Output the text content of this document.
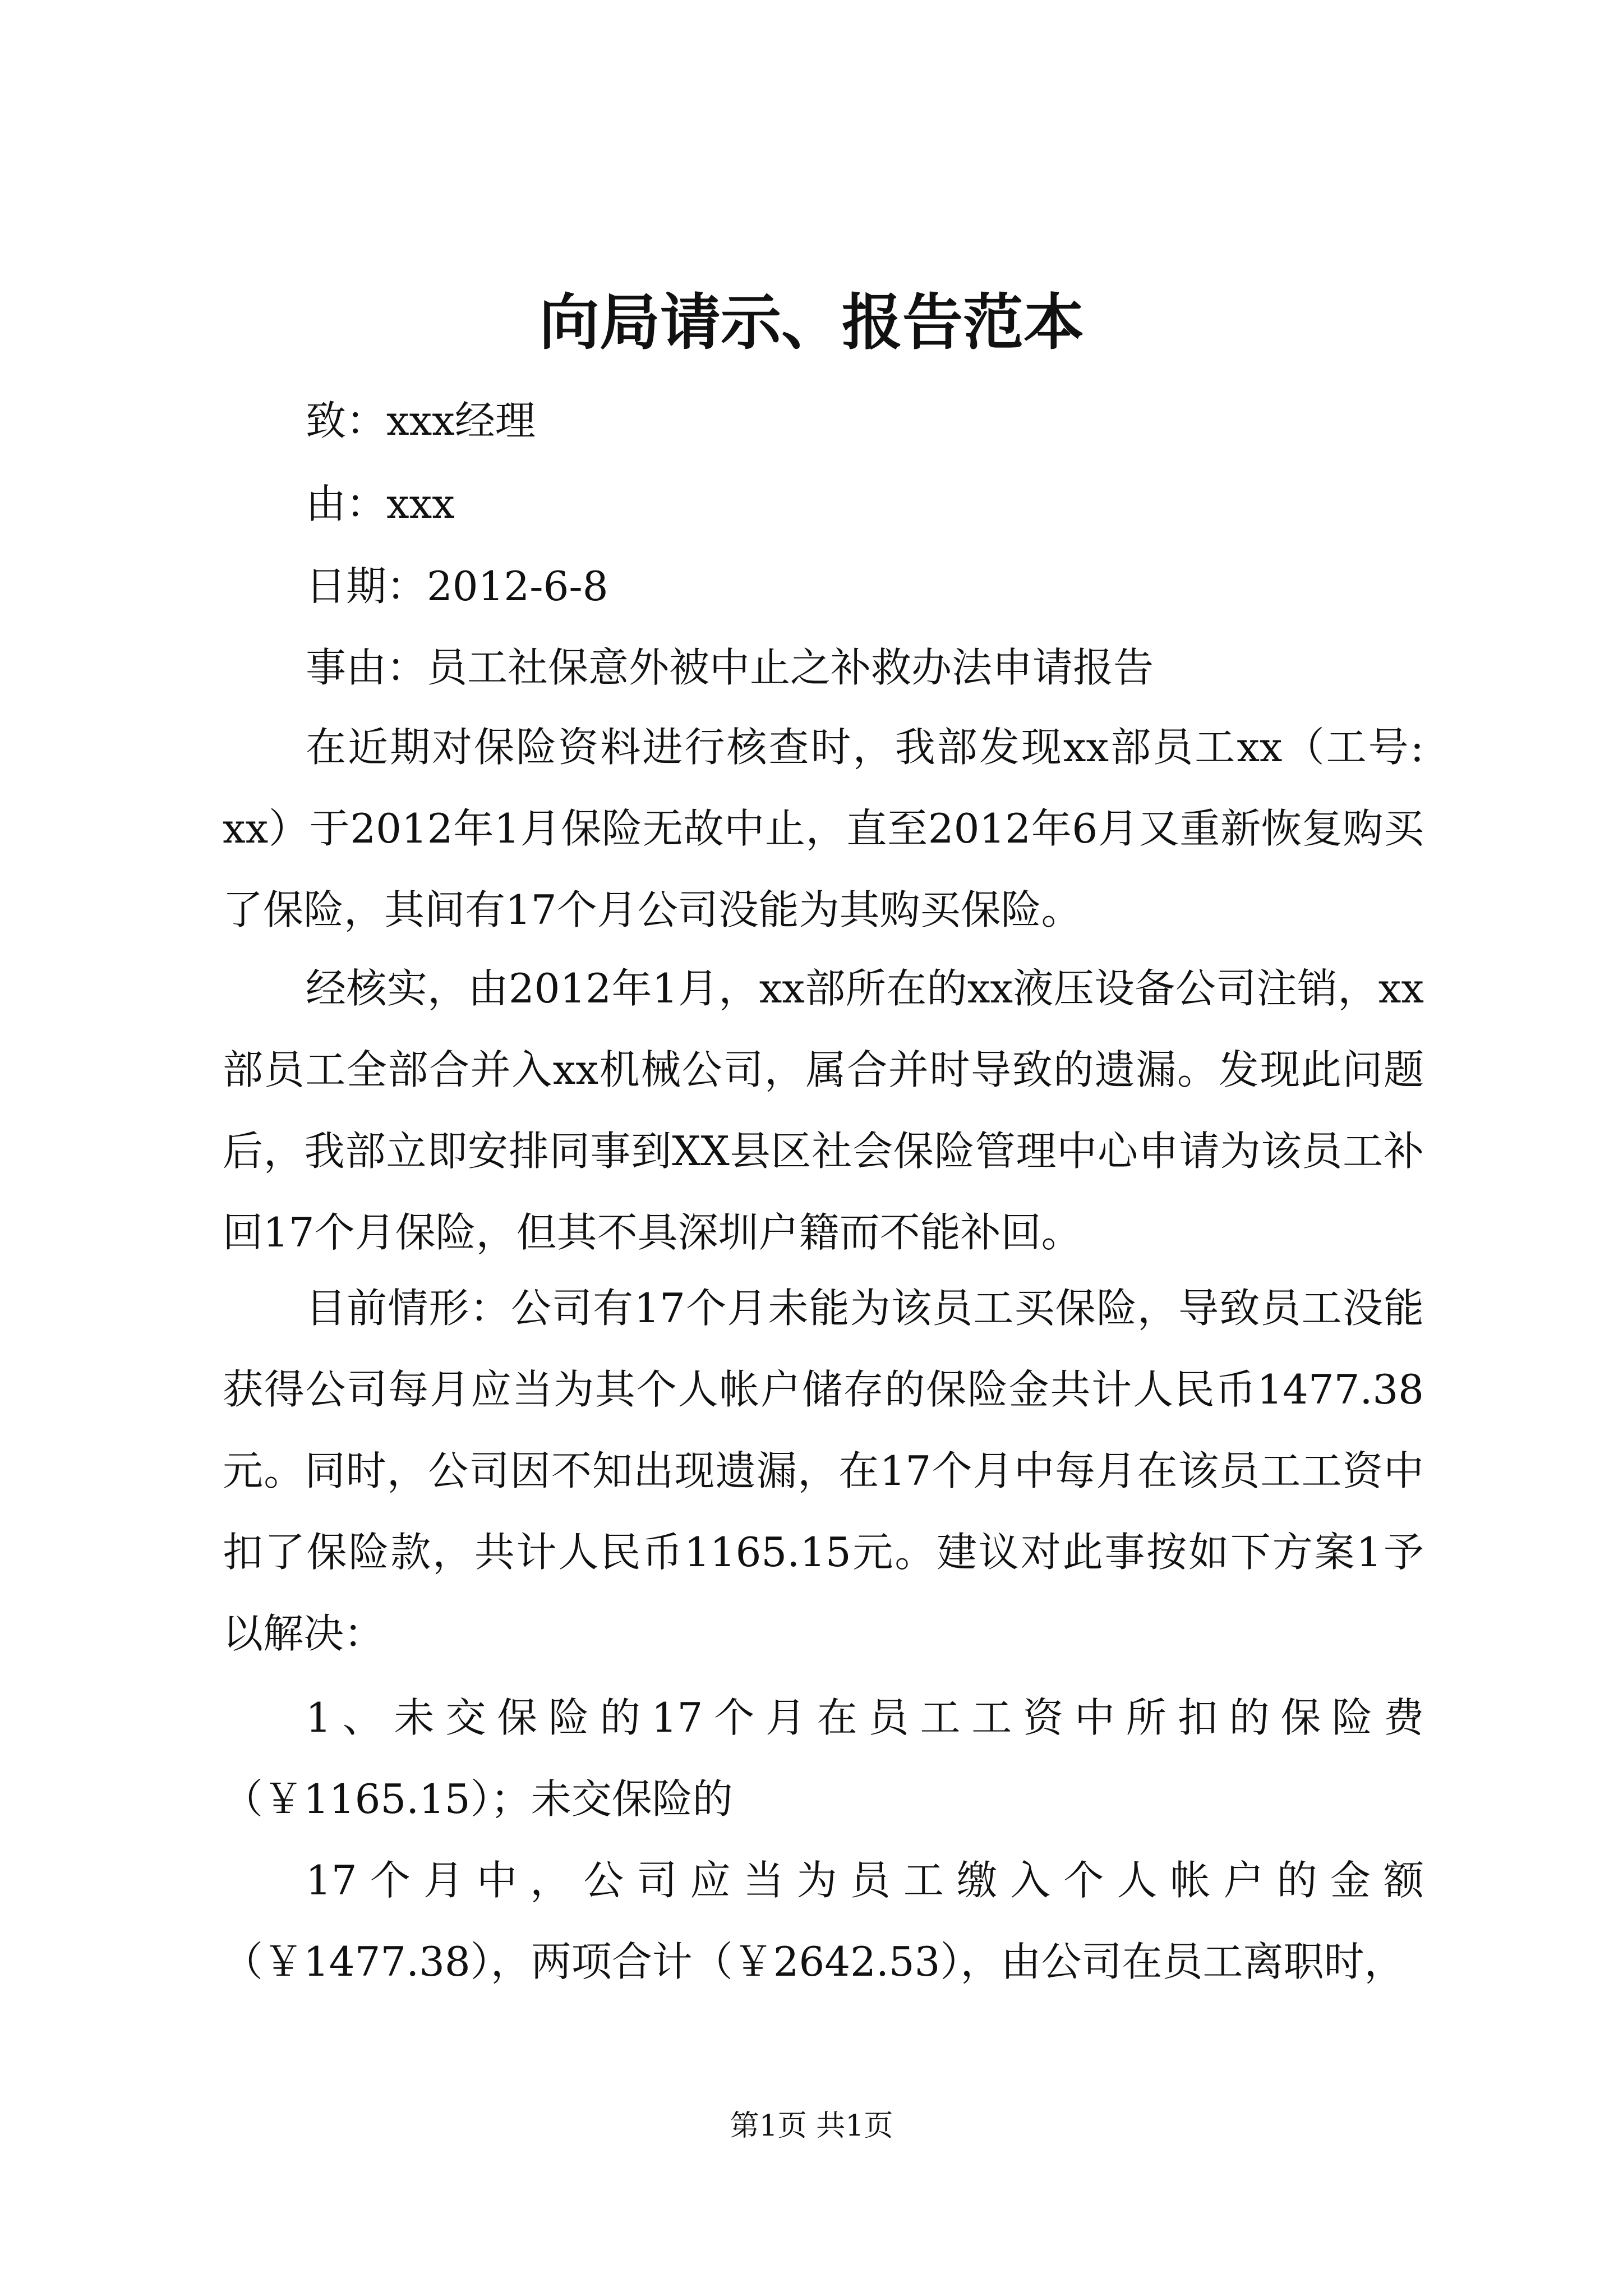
向局请示、报告范本

致：xxx经理

由：xxx

日期：2012-6-8

事由：员工社保意外被中止之补救办法申请报告

在近期对保险资料进行核查时，我部发现xx部员工xx（工号: xx）于2012年1月保险无故中止，直至2012年6月又重新恢复购买了保险，其间有17个月公司没能为其购买保险。

经核实，由2012年1月，xx部所在的xx液压设备公司注销，xx部员工全部合并入xx机械公司，属合并时导致的遗漏。发现此问题后，我部立即安排同事到XX县区社会保险管理中心申请为该员工补回17个月保险，但其不具深圳户籍而不能补回。

目前情形：公司有17个月未能为该员工买保险，导致员工没能获得公司每月应当为其个人帐户储存的保险金共计人民币1477.38元。同时，公司因不知出现遗漏，在17个月中每月在该员工工资中扣了保险款，共计人民币1165.15元。建议对此事按如下方案1予以解决：

1、未交保险的17个月在员工工资中所扣的保险费（￥1165.15）；未交保险的

17个月中，公司应当为员工缴入个人帐户的金额（￥1477.38），两项合计（￥2642.53），由公司在员工离职时，

第1页 共1页
